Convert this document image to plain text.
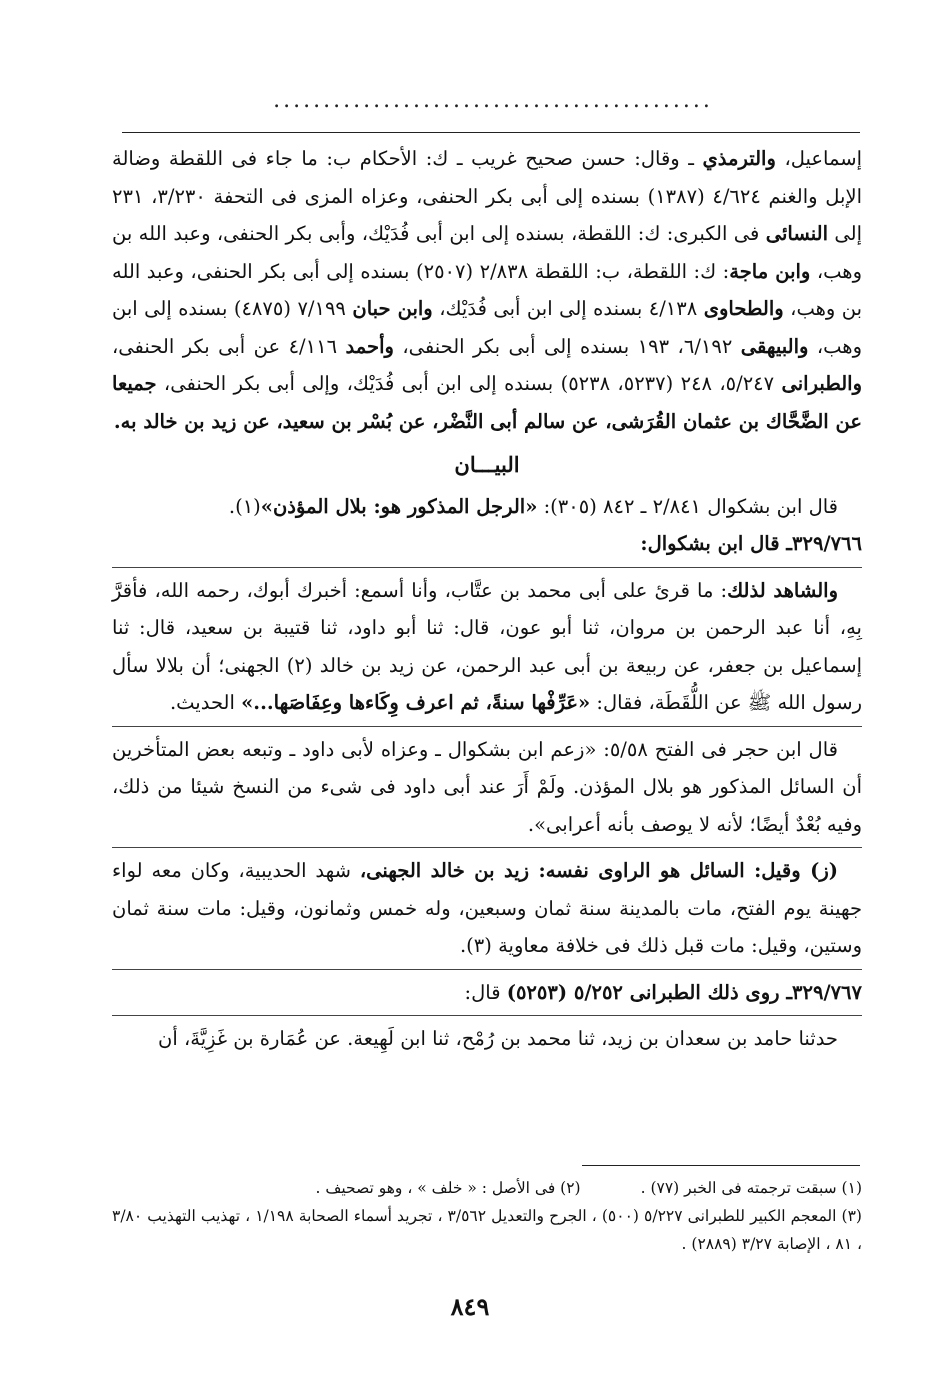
............................................

إسماعيل، والترمذي ـ وقال: حسن صحيح غريب ـ ك: الأحكام ب: ما جاء فى اللقطة وضالة الإبل والغنم ٤/٦٢٤ (١٣٨٧) بسنده إلى أبى بكر الحنفى، وعزاه المزى فى التحفة ٣/٢٣٠، ٢٣١ إلى النسائى فى الكبرى: ك: اللقطة، بسنده إلى ابن أبى فُدَيْك، وأبى بكر الحنفى، وعبد الله بن وهب، وابن ماجة: ك: اللقطة، ب: اللقطة ٢/٨٣٨ (٢٥٠٧) بسنده إلى أبى بكر الحنفى، وعبد الله بن وهب، والطحاوى ٤/١٣٨ بسنده إلى ابن أبى فُدَيْك، وابن حبان ٧/١٩٩ (٤٨٧٥) بسنده إلى ابن وهب، والبيهقى ٦/١٩٢، ١٩٣ بسنده إلى أبى بكر الحنفى، وأحمد ٤/١١٦ عن أبى بكر الحنفى، والطبرانى ٥/٢٤٧، ٢٤٨ (٥٢٣٧، ٥٢٣٨) بسنده إلى ابن أبى فُدَيْك، وإلى أبى بكر الحنفى، جميعا عن الضَّحَّاك بن عثمان القُرَشى، عن سالم أبى النَّضْر، عن بُسْر بن سعيد، عن زيد بن خالد به.

البيـــان

قال ابن بشكوال ٢/٨٤١ ـ ٨٤٢ (٣٠٥): «الرجل المذكور هو: بلال المؤذن»(١).

٣٢٩/٧٦٦ـ قال ابن بشكوال:

والشاهد لذلك: ما قرئ على أبى محمد بن عتَّاب، وأنا أسمع: أخبرك أبوك، رحمه الله، فأقرَّ بِهِ، أنا عبد الرحمن بن مروان، ثنا أبو عون، قال: ثنا أبو داود، ثنا قتيبة بن سعيد، قال: ثنا إسماعيل بن جعفر، عن ربيعة بن أبى عبد الرحمن، عن زيد بن خالد (٢) الجهنى؛ أن بلالا سأل رسول الله ﷺ عن اللُّقَطَة، فقال: «عَرِّفْها سنةً، ثم اعرف وِكَاءها وعِفَاصَها...» الحديث.

قال ابن حجر فى الفتح ٥/٥٨: «زعم ابن بشكوال ـ وعزاه لأبى داود ـ وتبعه بعض المتأخرين أن السائل المذكور هو بلال المؤذن. ولَمْ أَرَ عند أبى داود فى شىء من النسخ شيئا من ذلك، وفيه بُعْدٌ أيضًا؛ لأنه لا يوصف بأنه أعرابى».

(ز) وقيل: السائل هو الراوى نفسه: زيد بن خالد الجهنى، شهد الحديبية، وكان معه لواء جهينة يوم الفتح، مات بالمدينة سنة ثمان وسبعين، وله خمس وثمانون، وقيل: مات سنة ثمان وستين، وقيل: مات قبل ذلك فى خلافة معاوية (٣).

٣٢٩/٧٦٧ـ روى ذلك الطبرانى ٥/٢٥٢ (٥٢٥٣) قال:

حدثنا حامد بن سعدان بن زيد، ثنا محمد بن رُمْح، ثنا ابن لَهِيعة. عن عُمَارة بن غَزِيَّةَ، أن

(١) سبقت ترجمته فى الخبر (٧٧) .
(٢) فى الأصل : « خلف » ، وهو تصحيف .

(٣) المعجم الكبير للطبرانى ٥/٢٢٧ (٥٠٠) ، الجرح والتعديل ٣/٥٦٢ ، تجريد أسماء الصحابة ١/١٩٨ ، تهذيب التهذيب ٣/٨٠ ، ٨١ ، الإصابة ٣/٢٧ (٢٨٨٩) .

٨٤٩
